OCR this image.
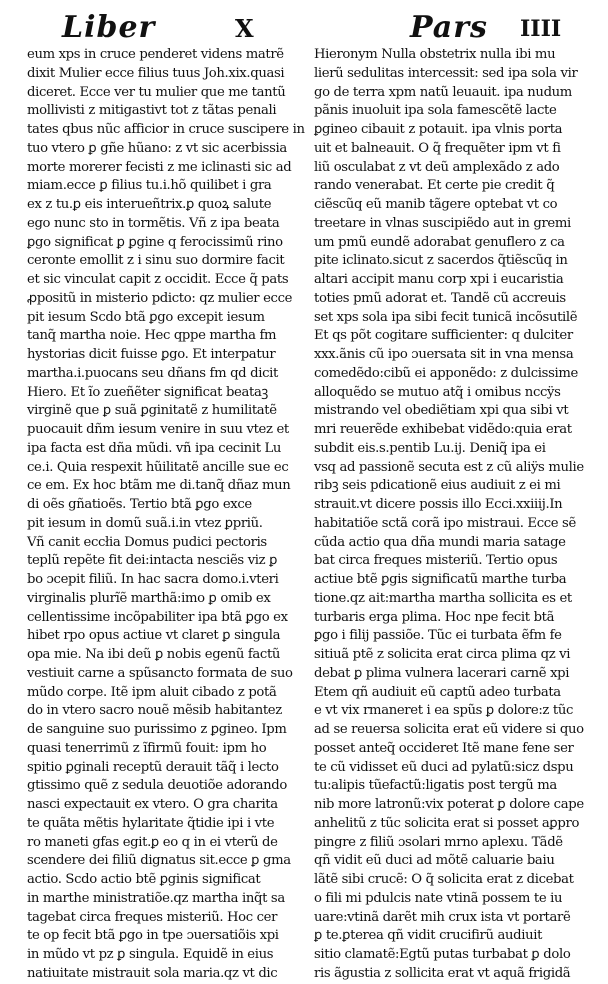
Liber	X	Pars IIII
eum xps in cruce penderet videns matrẽ
dixit Mulier ecce filius tuus Joh.xix.quasi
diceret. Ecce ver tu mulier que me tantũ
mollivisti z mitigastivt tot z tãtas penali
tates qbus nũc afficior in cruce suscipere in
tuo vtero ꝑ gñe hũano: z vt sic acerbissia
morte morerer fecisti z me iclinasti sic ad
miam.ecce ꝑ filius tu.i.hõ quilibet i gra
ex z tu.ꝑ eis interueñtrix.ꝑ quoꝝ salute
ego nunc sto in tormẽtis. Vñ z ipa beata
ꝑgo significat ꝑ ꝑgine q ferocissimũ rino
ceronte emollit z i sinu suo dormire facit
et sic vinculat capit z occidit. Ecce q̃ pats
ꝓpositũ in misterio pdicto: qz mulier ecce
pit iesum Scdo btã ꝑgo excepit iesum
tanq̃ martha noie. Hec qppe martha fm
hystorias dicit fuisse ꝑgo. Et interpatur
martha.i.puocans seu dñans fm qd dicit
Hiero. Et ĩo zueñẽter significat beataꝫ
virginẽ que ꝑ suã ꝑginitatẽ z humilitatẽ
puocauit dñm iesum venire in suu vtez et
ipa facta est dña mũdi. vñ ipa cecinit Lu
ce.i. Quia respexit hũilitatẽ ancille sue ec
ce em. Ex hoc btãm me di.tanq̃ dñaz mun
di oẽs gñatioẽs. Tertio btã ꝑgo exce
pit iesum in domũ suã.i.in vtez ꝑpriũ.
Vñ canit eccłia Domus pudici pectoris
teplũ repẽte fit dei:intacta nesciẽs viz ꝑ
bo ɔcepit filiũ. In hac sacra domo.i.vteri
virginalis plurĩẽ marthã:imo ꝑ omib ex
cellentissime incõpabiliter ipa btã ꝑgo ex
hibet rpo opus actiue vt claret ꝑ singula
opa mie. Na ibi deũ ꝑ nobis egenũ factũ
vestiuit carne a spũsancto formata de suo
mũdo corpe. Itẽ ipm aluit cibado z potã
do in vtero sacro nouẽ mẽsib habitantez
de sanguine suo purissimo z ꝑgineo. Ipm
quasi tenerrimũ z ĩfirmũ fouit: ipm ho
spitio ꝑginali receptũ derauit tãq̃ i lecto
gtissimo quẽ z sedula deuotiõe adorando
nasci expectauit ex vtero. O gra charita
te quãta mẽtis hylaritate q̃tidie ipi i vte
ro maneti gfas egit.ꝑ eo q in ei vterũ de
scendere dei filiũ dignatus sit.ecce ꝑ gma
actio. Scdo actio btẽ ꝑginis significat
in marthe ministratiõe.qz martha inq̃t sa
tagebat circa freques misteriũ. Hoc cer
te op fecit btã ꝑgo in tpe ɔuersatiõis xpi
in mũdo vt pz ꝑ singula. Equidẽ in eius
natiuitate mistrauit sola maria.qz vt dic
Hieronym Nulla obstetrix nulla ibi mu
lierũ sedulitas intercessit: sed ipa sola vir
go de terra xpm natũ leuauit. ipa nudum
pãnis inuoluit ipa sola famescẽtẽ lacte
ꝑgineo cibauit z potauit. ipa vlnis porta
uit et balneauit. O q̃ frequẽter ipm vt fi
liũ osculabat z vt deũ amplexãdo z ado
rando venerabat. Et certe pie credit q̃
ciẽscũq eũ manib tãgere optebat vt co
treetare in vlnas suscipiẽdo aut in gremi
um pmũ eundẽ adorabat genuflero z ca
pite iclinato.sicut z sacerdos q̃tiẽscũq in
altari accipit manu corp xpi i eucaristia
toties pmũ adorat et. Tandẽ cũ accreuis
set xps sola ipa sibi fecit tunicã incõsutilẽ
Et qs põt cogitare sufficienter: q dulciter
xxx.ãnis cũ ipo ɔuersata sit in vna mensa
comedẽdo:cibũ ei apponẽdo: z dulcissime
alloquẽdo se mutuo atq̃ i omibus nccÿs
mistrando vel obediẽtiam xpi qua sibi vt
mri reuerẽde exhibebat vidẽdo:quia erat
subdit eis.s.pentib Lu.ij. Deniq̃ ipa ei
vsq ad passionẽ secuta est z cũ aliÿs mulie
ribꝫ seis pdicationẽ eius audiuit z ei mi
strauit.vt dicere possis illo Ecci.xxiiij.In
habitatiõe sctã corã ipo mistraui. Ecce sẽ
cũda actio qua dña mundi maria satage
bat circa freques misteriũ. Tertio opus
actiue btẽ ꝑgis significatũ marthe turba
tione.qz ait:martha martha sollicita es et
turbaris erga plima. Hoc npe fecit btã
ꝑgo i filij passiõe. Tũc ei turbata ẽfm fe
sitiuã ptẽ z solicita erat circa plima qz vi
debat ꝑ plima vulnera lacerari carnẽ xpi
Etem qñ audiuit eũ captũ adeo turbata
e vt vix rmaneret i ea spũs ꝑ dolore:z tũc
ad se reuersa solicita erat eũ videre si quo
posset anteq̃ occideret Itẽ mane fene ser
te cũ vidisset eũ duci ad pylatũ:sicz dspu
tu:alipis tũefactũ:ligatis post tergũ ma
nib more latronũ:vix poterat ꝑ dolore cape
anhelitũ z tũc solicita erat si posset aꝑpro
pingre z filiũ ɔsolari mrno aplexu. Tãdẽ
qñ vidit eũ duci ad mõtẽ caluarie baiu
lãtẽ sibi crucẽ: O q̃ solicita erat z dicebat
o fili mi pdulcis nate vtinã possem te iu
uare:vtinã darẽt mih crux ista vt portarẽ
ꝑ te.ꝑterea qñ vidit crucifirũ audiuit
sitio clamatẽ:Egtũ putas turbabat ꝑ dolo
ris ãgustia z sollicita erat vt aquã frigidã
